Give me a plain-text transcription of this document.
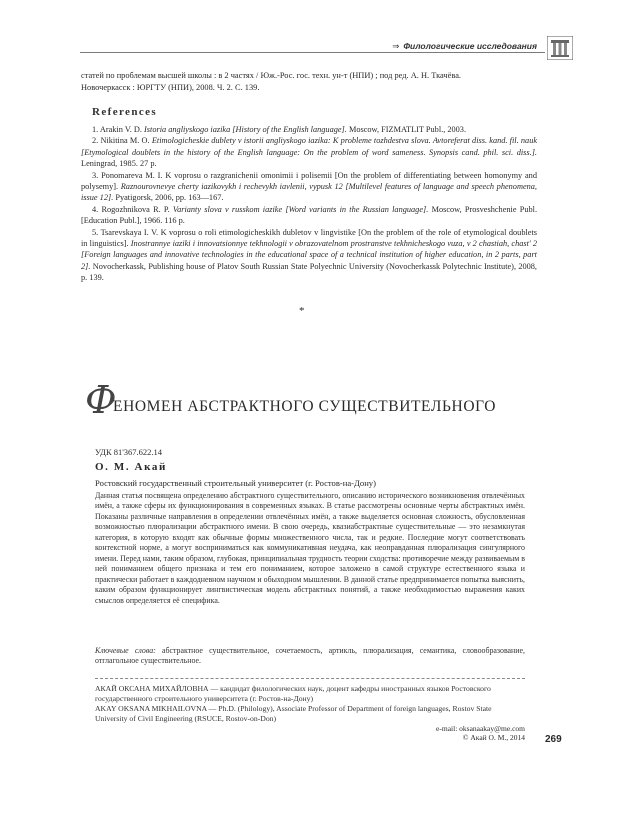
⇒ Филологические исследования
статей по проблемам высшей школы : в 2 частях / Юж.-Рос. гос. техн. ун-т (НПИ) ; под ред. А. Н. Ткачёва.
Новочеркасск : ЮРГТУ (НПИ), 2008. Ч. 2. С. 139.
References

1. Arakin V. D. Istoria angliyskogo iazika [History of the English language]. Moscow, FIZMATLIT Publ., 2003.

2. Nikitina M. O. Etimologicheskie dublety v istorii angliyskogo iazika: K probleme tozhdestva slova. Avtoreferat diss. kand. fil. nauk [Etymological doublets in the history of the English language: On the problem of word sameness. Synopsis cand. phil. sci. diss.]. Leningrad, 1985. 27 p.

3. Ponomareva M. I. K voprosu o razgranichenii omonimii i polisemii [On the problem of differentiating between homonymy and polysemy]. Raznourovnevye cherty iazikovykh i rechevykh iavlenii, vypusk 12 [Multilevel features of language and speech phenomena, issue 12]. Pyatigorsk, 2006, pp. 163—167.

4. Rogozhnikova R. P. Varianty slova v russkom iazike [Word variants in the Russian language]. Moscow, Prosveshchenie Publ. [Education Publ.], 1966. 116 p.

5. Tsarevskaya I. V. K voprosu o roli etimologicheskikh dubletov v lingvistike [On the problem of the role of etymological doublets in linguistics]. Inostrannye iaziki i innovatsionnye tekhnologii v obrazovatelnom prostranstve tekhnicheskogo vuza, v 2 chastiah, chast' 2 [Foreign languages and innovative technologies in the educational space of a technical institution of higher education, in 2 parts, part 2]. Novocherkassk, Publishing house of Platov South Russian State Polyechnic University (Novocherkassk Polytechnic Institute), 2008, p. 139.

*
Ф
ЕНОМЕН АБСТРАКТНОГО СУЩЕСТВИТЕЛЬНОГО
УДК 81'367.622.14
О. М. Акай
Ростовский государственный строительный университет (г. Ростов-на-Дону)
Данная статья посвящена определению абстрактного существительного, описанию исторического возникновения отвлечённых имён, а также сферы их функционирования в современных языках. В статье рассмотрены основные черты абстрактных имён. Показаны различные направления в определении отвлечённых имён, а также выделяется основная сложность, обусловленная возможностью плюрализации абстрактного имени. В свою очередь, квазиабстрактные существительные — это незамкнутая категория, в которую входят как обычные формы множественного числа, так и редкие. Последние могут соответствовать контекстной норме, а могут восприниматься как коммуникативная неудача, как неоправданная плюрализация сингулярного имени. Перед нами, таким образом, глубокая, принципиальная трудность теории сходства: противоречие между развиваемым в ней пониманием общего признака и тем его пониманием, которое заложено в самой структуре естественного языка и практически работает в каждодневном научном и обыходном мышлении. В данной статье предпринимается попытка выяснить, каким образом функционирует лингвистическая модель абстрактных понятий, а также необходимостью выражения каких смыслов определяется её специфика.
Ключевые слова: абстрактное существительное, сочетаемость, артикль, плюрализация, семантика, словообразование, отглагольное существительное.
АКАЙ ОКСАНА МИХАЙЛОВНА — кандидат филологических наук, доцент кафедры иностранных языков Ростовского государственного строительного университета (г. Ростов-на-Дону)
AKAY OKSANA MIKHAILOVNA — Ph.D. (Philology), Associate Professor of Department of foreign languages, Rostov State University of Civil Engineering (RSUCE, Rostov-on-Don)
e-mail: oksanaakay@me.com
© Акай О. М., 2014 269
